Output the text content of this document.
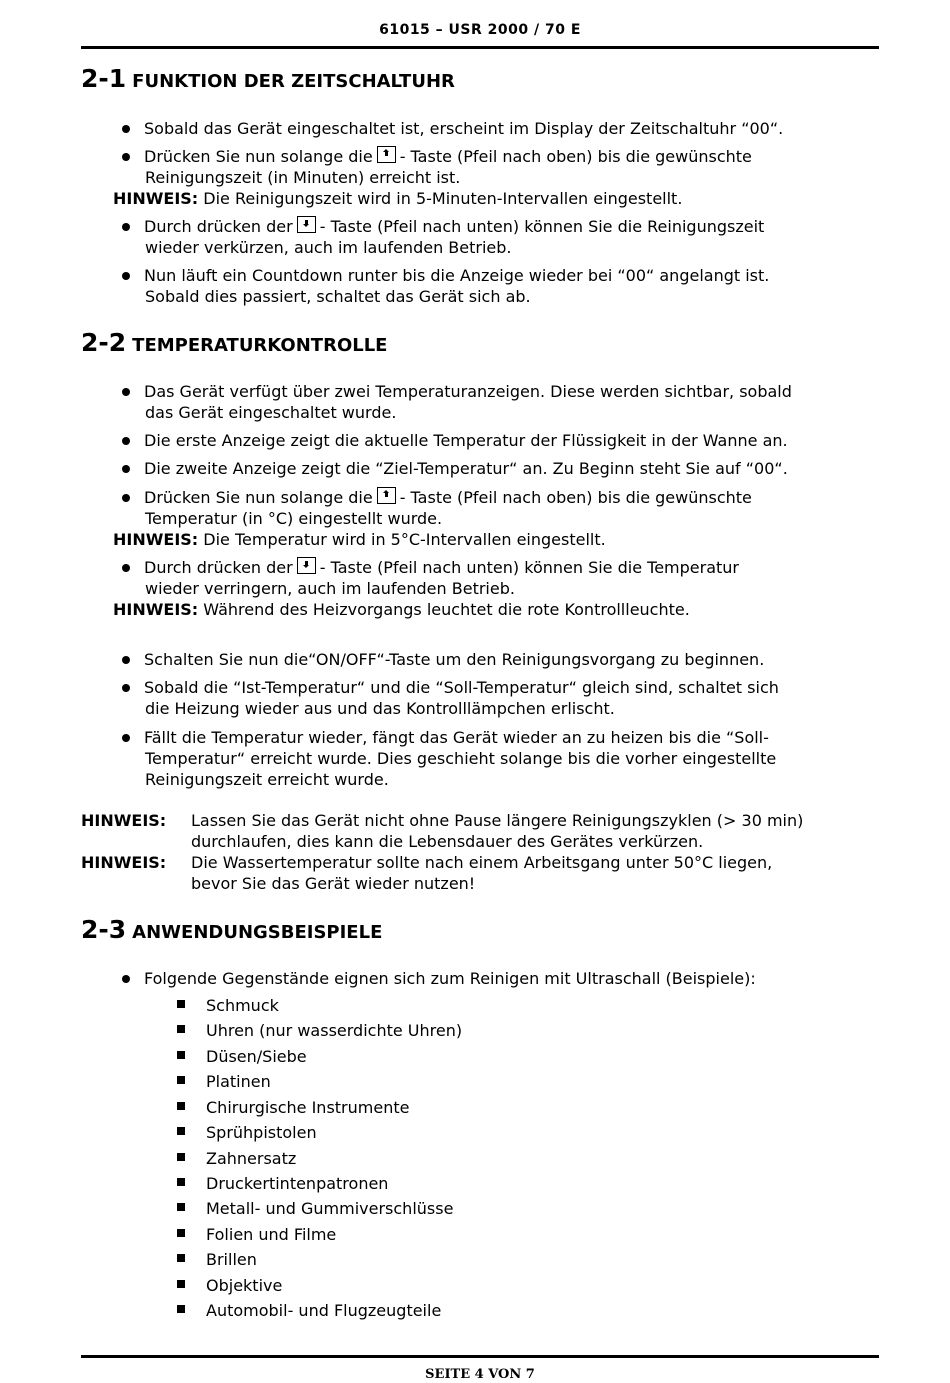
61015 – USR 2000 / 70 E
2-1 FUNKTION DER ZEITSCHALTUHR
Sobald das Gerät eingeschaltet ist, erscheint im Display der Zeitschaltuhr “00“.
Drücken Sie nun solange die - Taste (Pfeil nach oben) bis die gewünschte
Reinigungszeit (in Minuten) erreicht ist.
HINWEIS: Die Reinigungszeit wird in 5-Minuten-Intervallen eingestellt.
Durch drücken der - Taste (Pfeil nach unten) können Sie die Reinigungszeit
wieder verkürzen, auch im laufenden Betrieb.
Nun läuft ein Countdown runter bis die Anzeige wieder bei “00“ angelangt ist.
Sobald dies passiert, schaltet das Gerät sich ab.
2-2 TEMPERATURKONTROLLE
Das Gerät verfügt über zwei Temperaturanzeigen. Diese werden sichtbar, sobald
das Gerät eingeschaltet wurde.
Die erste Anzeige zeigt die aktuelle Temperatur der Flüssigkeit in der Wanne an.
Die zweite Anzeige zeigt die “Ziel-Temperatur“ an. Zu Beginn steht Sie auf “00“.
Drücken Sie nun solange die - Taste (Pfeil nach oben) bis die gewünschte
Temperatur (in °C) eingestellt wurde.
HINWEIS: Die Temperatur wird in 5°C-Intervallen eingestellt.
Durch drücken der - Taste (Pfeil nach unten) können Sie die Temperatur
wieder verringern, auch im laufenden Betrieb.
HINWEIS: Während des Heizvorgangs leuchtet die rote Kontrollleuchte.
Schalten Sie nun die“ON/OFF“-Taste um den Reinigungsvorgang zu beginnen.
Sobald die “Ist-Temperatur“ und die “Soll-Temperatur“ gleich sind, schaltet sich
die Heizung wieder aus und das Kontrolllämpchen erlischt.
Fällt die Temperatur wieder, fängt das Gerät wieder an zu heizen bis die “Soll-
Temperatur“ erreicht wurde. Dies geschieht solange bis die vorher eingestellte
Reinigungszeit erreicht wurde.
HINWEIS: Lassen Sie das Gerät nicht ohne Pause längere Reinigungszyklen (> 30 min)
durchlaufen, dies kann die Lebensdauer des Gerätes verkürzen.
HINWEIS: Die Wassertemperatur sollte nach einem Arbeitsgang unter 50°C liegen,
bevor Sie das Gerät wieder nutzen!
2-3 ANWENDUNGSBEISPIELE
Folgende Gegenstände eignen sich zum Reinigen mit Ultraschall (Beispiele):
Schmuck
Uhren (nur wasserdichte Uhren)
Düsen/Siebe
Platinen
Chirurgische Instrumente
Sprühpistolen
Zahnersatz
Druckertintenpatronen
Metall- und Gummiverschlüsse
Folien und Filme
Brillen
Objektive
Automobil- und Flugzeugteile
SEITE 4 VON 7
